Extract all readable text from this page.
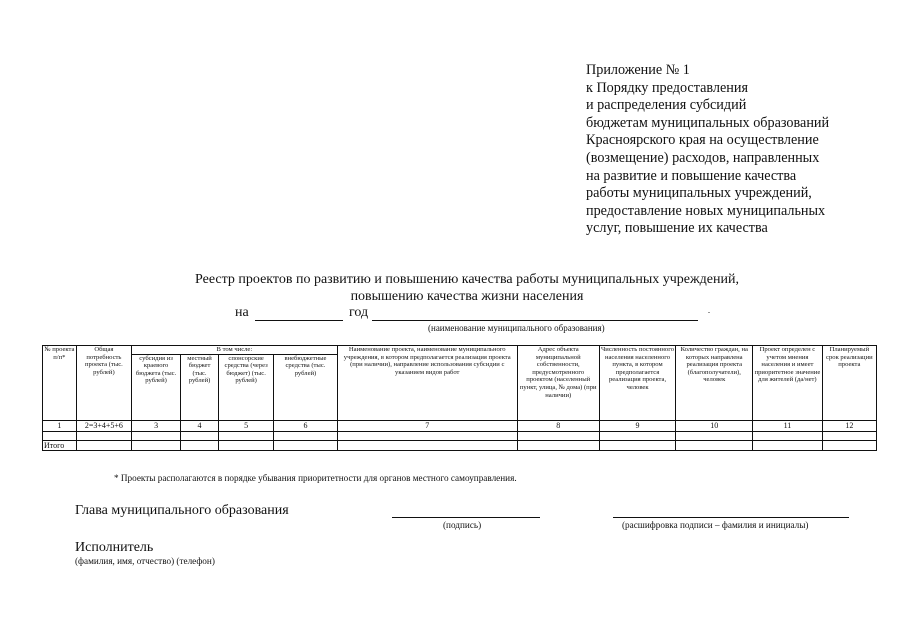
Приложение № 1
к Порядку предоставления
и распределения субсидий
бюджетам муниципальных образований
Красноярского края на осуществление
(возмещение) расходов, направленных
на развитие и повышение качества
работы муниципальных учреждений,
предоставление новых муниципальных
услуг, повышение их качества
Реестр проектов по развитию и повышению качества работы муниципальных учреждений,
повышению качества жизни населения
на	год
(наименование муниципального образования)
№ проекта п/п*	Общая потребность проекта (тыс. рублей)	В том числе:				Наименование проекта, наименование муниципального учреждения, в котором предполагается реализация проекта (при наличии), направление использования субсидии с указанием видов работ	Адрес объекта муниципальной собственности, предусмотренного проектом (населенный пункт, улица, № дома) (при наличии)	Численность постоянного населения населенного пункта, в котором предполагается реализация проекта, человек	Количество граждан, на которых направлена реализация проекта (благополучатели), человек	Проект определен с учетом мнения населения и имеет приоритетное значение для жителей (да/нет)	Планируемый срок реализации проекта
		субсидия из краевого бюджета (тыс. рублей)	местный бюджет (тыс. рублей)	спонсорские средства (через бюджет) (тыс. рублей)	внебюджетные средства (тыс. рублей)						
1	2=3+4+5+6	3	4	5	6	7	8	9	10	11	12

Итого											
* Проекты располагаются в порядке убывания приоритетности для органов местного самоуправления.
Глава муниципального образования
(подпись)	(расшифровка подписи – фамилия и инициалы)
Исполнитель
(фамилия, имя, отчество) (телефон)
